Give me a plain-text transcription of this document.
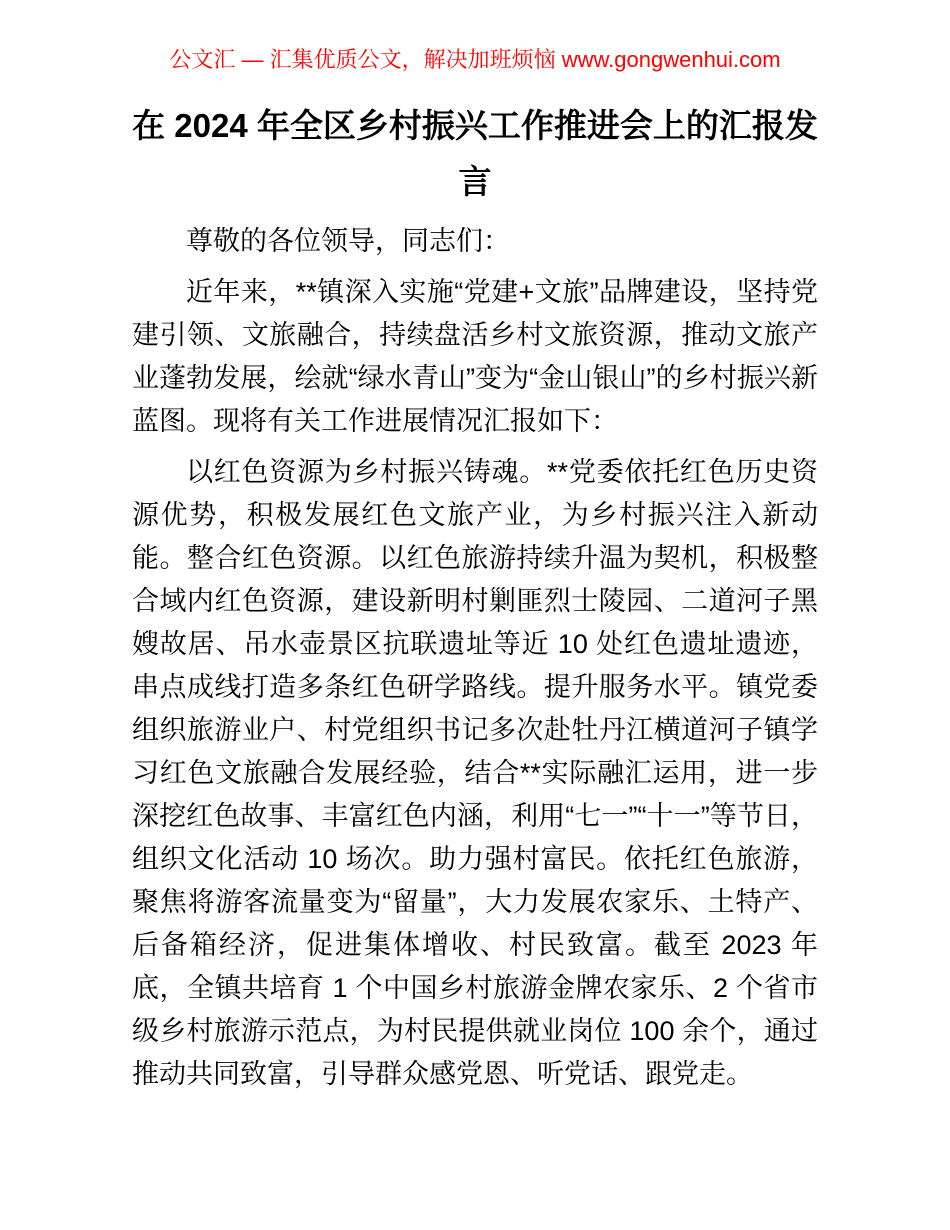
公文汇 — 汇集优质公文，解决加班烦恼 www.gongwenhui.com
在 2024 年全区乡村振兴工作推进会上的汇报发言

尊敬的各位领导，同志们：

近年来，**镇深入实施“党建+文旅”品牌建设，坚持党建引领、文旅融合，持续盘活乡村文旅资源，推动文旅产业蓬勃发展，绘就“绿水青山”变为“金山银山”的乡村振兴新蓝图。现将有关工作进展情况汇报如下：

以红色资源为乡村振兴铸魂。**党委依托红色历史资源优势，积极发展红色文旅产业，为乡村振兴注入新动能。整合红色资源。以红色旅游持续升温为契机，积极整合域内红色资源，建设新明村剿匪烈士陵园、二道河子黑嫂故居、吊水壶景区抗联遗址等近 10 处红色遗址遗迹，串点成线打造多条红色研学路线。提升服务水平。镇党委组织旅游业户、村党组织书记多次赴牡丹江横道河子镇学习红色文旅融合发展经验，结合**实际融汇运用，进一步深挖红色故事、丰富红色内涵，利用“七一”“十一”等节日，组织文化活动 10 场次。助力强村富民。依托红色旅游，聚焦将游客流量变为“留量”，大力发展农家乐、土特产、后备箱经济，促进集体增收、村民致富。截至 2023 年底，全镇共培育 1 个中国乡村旅游金牌农家乐、2 个省市级乡村旅游示范点，为村民提供就业岗位 100 余个，通过推动共同致富，引导群众感党恩、听党话、跟党走。
